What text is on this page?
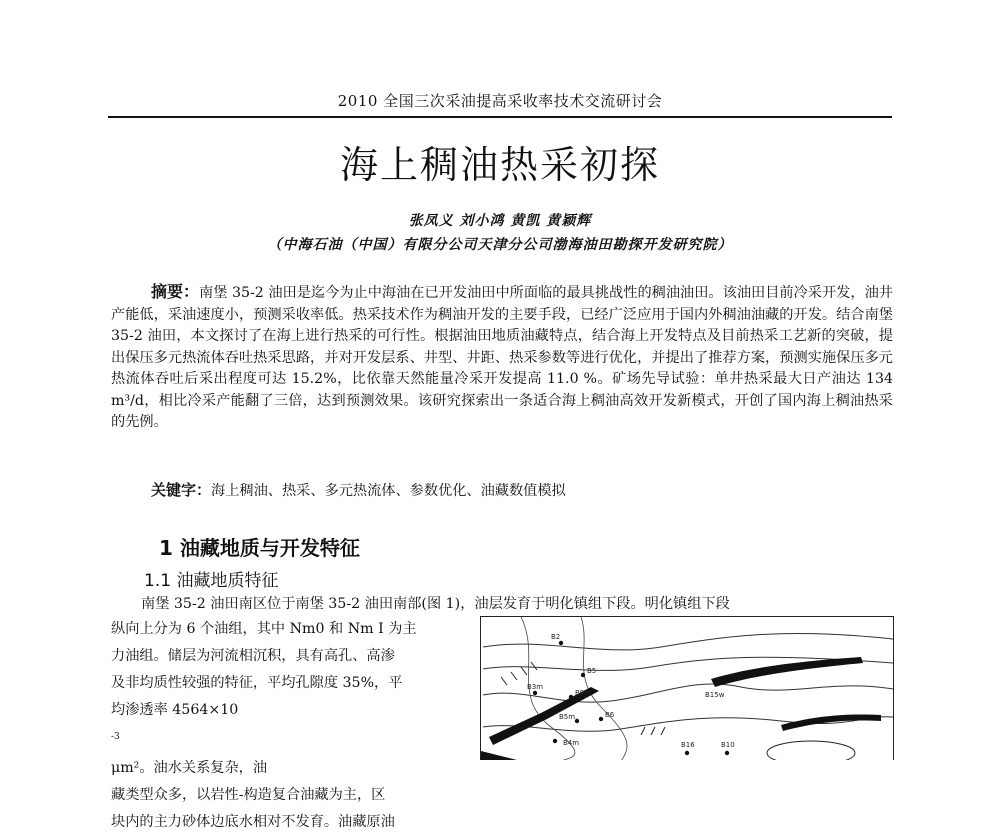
2010 全国三次采油提高采收率技术交流研讨会
海上稠油热采初探
张凤义 刘小鸿 黄凯 黄颖辉
（中海石油（中国）有限分公司天津分公司渤海油田勘探开发研究院）
摘要：南堡 35-2 油田是迄今为止中海油在已开发油田中所面临的最具挑战性的稠油油田。该油田目前冷采开发，油井产能低，采油速度小，预测采收率低。热采技术作为稠油开发的主要手段，已经广泛应用于国内外稠油油藏的开发。结合南堡 35-2 油田，本文探讨了在海上进行热采的可行性。根据油田地质油藏特点，结合海上开发特点及目前热采工艺新的突破，提出保压多元热流体吞吐热采思路，并对开发层系、井型、井距、热采参数等进行优化，并提出了推荐方案，预测实施保压多元热流体吞吐后采出程度可达 15.2%，比依靠天然能量冷采开发提高 11.0 %。矿场先导试验：单井热采最大日产油达 134 m³/d，相比冷采产能翻了三倍，达到预测效果。该研究探索出一条适合海上稠油高效开发新模式，开创了国内海上稠油热采的先例。
关键字：海上稠油、热采、多元热流体、参数优化、油藏数值模拟
1 油藏地质与开发特征
1.1 油藏地质特征
南堡 35-2 油田南区位于南堡 35-2 油田南部(图 1)，油层发育于明化镇组下段。明化镇组下段
纵向上分为 6 个油组，其中 Nm0 和 Nm I 为主
力油组。储层为河流相沉积，具有高孔、高渗
及非均质性较强的特征，平均孔隙度 35%，平
均渗透率 4564×10
$^{-3}$
μm²。油水关系复杂，油
藏类型众多，以岩性-构造复合油藏为主，区
块内的主力砂体边底水相对不发育。油藏原油
B2
B5
B3m
B9m
B6
B5m
B4m	B16	B10
B15w
